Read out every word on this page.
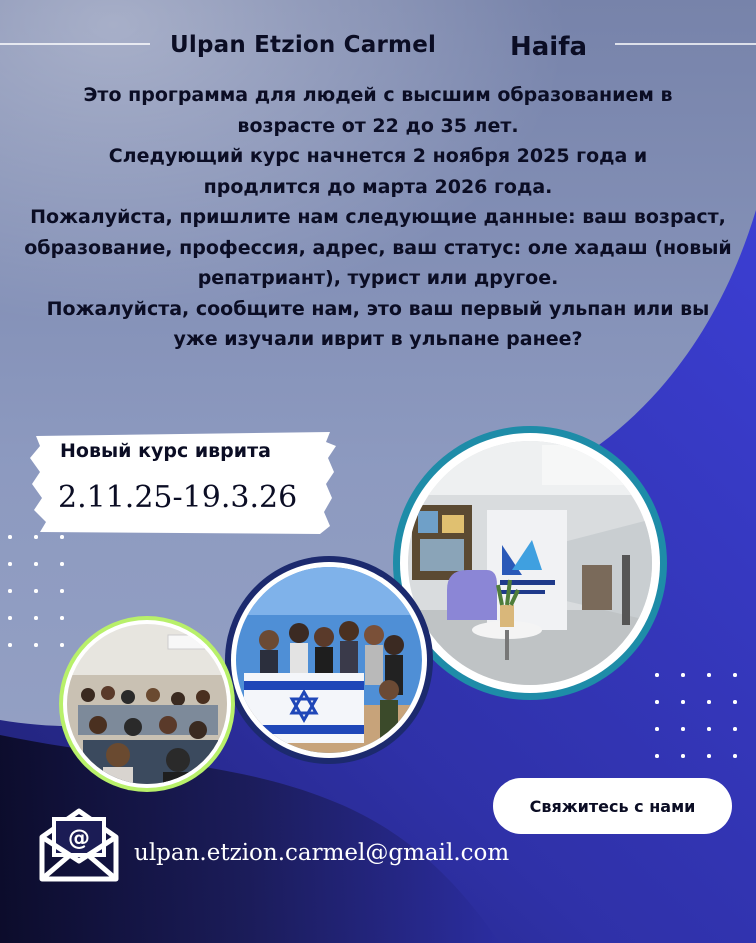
Ulpan Etzion Carmel	Haifa

Это программа для людей с высшим образованием в возрасте от 22 до 35 лет.

Следующий курс начнется 2 ноября 2025 года и продлится до марта 2026 года.

Пожалуйста, пришлите нам следующие данные: ваш возраст, образование, профессия, адрес, ваш статус: оле хадаш (новый репатриант), турист или другое.

Пожалуйста, сообщите нам, это ваш первый ульпан или вы уже изучали иврит в ульпане ранее?

Новый курс иврита
2.11.25-19.3.26
Свяжитесь с нами
@
ulpan.etzion.carmel@gmail.com
